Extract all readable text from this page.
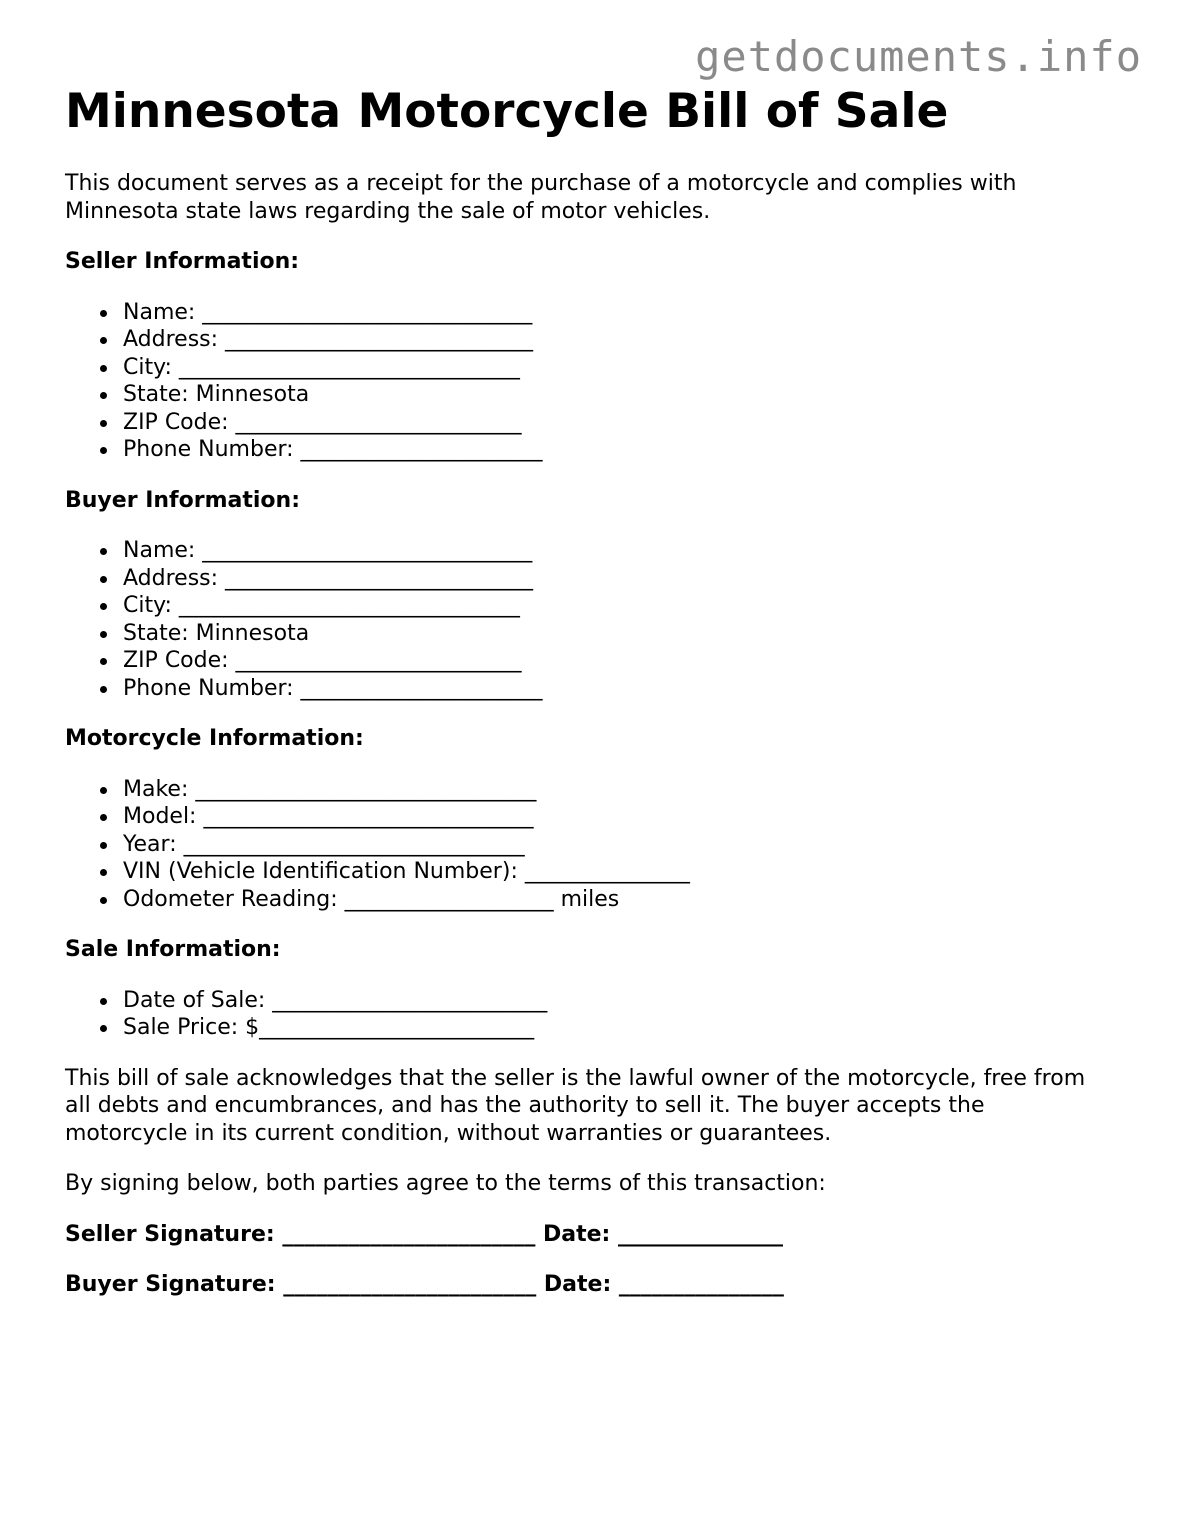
getdocuments.info
Minnesota Motorcycle Bill of Sale

This document serves as a receipt for the purchase of a motorcycle and complies with Minnesota state laws regarding the sale of motor vehicles.

Seller Information:
Name: ______________________________
Address: ____________________________
City: _______________________________
State: Minnesota
ZIP Code: __________________________
Phone Number: ______________________
Buyer Information:
Name: ______________________________
Address: ____________________________
City: _______________________________
State: Minnesota
ZIP Code: __________________________
Phone Number: ______________________
Motorcycle Information:
Make: _______________________________
Model: ______________________________
Year: _______________________________
VIN (Vehicle Identification Number): _______________
Odometer Reading: ___________________ miles
Sale Information:
Date of Sale: _________________________
Sale Price: $_________________________

This bill of sale acknowledges that the seller is the lawful owner of the motorcycle, free from all debts and encumbrances, and has the authority to sell it. The buyer accepts the motorcycle in its current condition, without warranties or guarantees.

By signing below, both parties agree to the terms of this transaction:

Seller Signature: _______________________ Date: _______________
Buyer Signature: _______________________ Date: _______________
